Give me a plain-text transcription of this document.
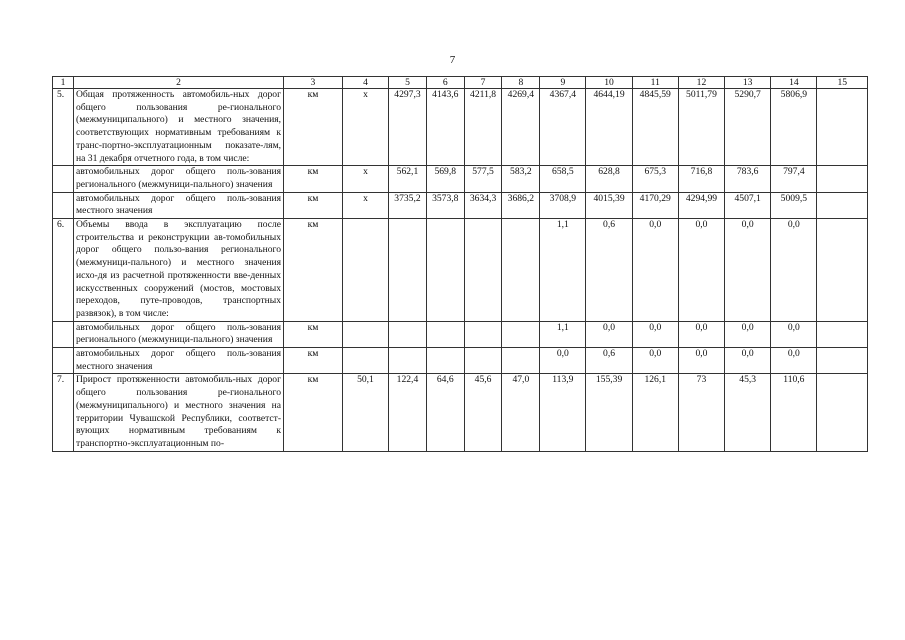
7
1	2	3	4	5	6	7	8	9	10	11	12	13	14	15
5.	Общая протяженность автомобиль-ных дорог общего пользования ре-гионального (межмуниципального) и местного значения, соответствующих нормативным требованиям к транс-портно-эксплуатационным показате-лям, на 31 декабря отчетного года, в том числе:	км	x	4297,3	4143,6	4211,8	4269,4	4367,4	4644,19	4845,59	5011,79	5290,7	5806,9	
	автомобильных дорог общего поль-зования регионального (межмуници-пального) значения	км	x	562,1	569,8	577,5	583,2	658,5	628,8	675,3	716,8	783,6	797,4	
	автомобильных дорог общего поль-зования местного значения	км	x	3735,2	3573,8	3634,3	3686,2	3708,9	4015,39	4170,29	4294,99	4507,1	5009,5	
6.	Объемы ввода в эксплуатацию после строительства и реконструкции ав-томобильных дорог общего пользо-вания регионального (межмуници-пального) и местного значения исхо-дя из расчетной протяженности вве-денных искусственных сооружений (мостов, мостовых переходов, путе-проводов, транспортных развязок), в том числе:	км						1,1	0,6	0,0	0,0	0,0	0,0	
	автомобильных дорог общего поль-зования регионального (межмуници-пального) значения	км						1,1	0,0	0,0	0,0	0,0	0,0	
	автомобильных дорог общего поль-зования местного значения	км						0,0	0,6	0,0	0,0	0,0	0,0	
7.	Прирост протяженности автомобиль-ных дорог общего пользования ре-гионального (межмуниципального) и местного значения на территории Чувашской Республики, соответст-вующих нормативным требованиям к транспортно-эксплуатационным по-	км	50,1	122,4	64,6	45,6	47,0	113,9	155,39	126,1	73	45,3	110,6	
